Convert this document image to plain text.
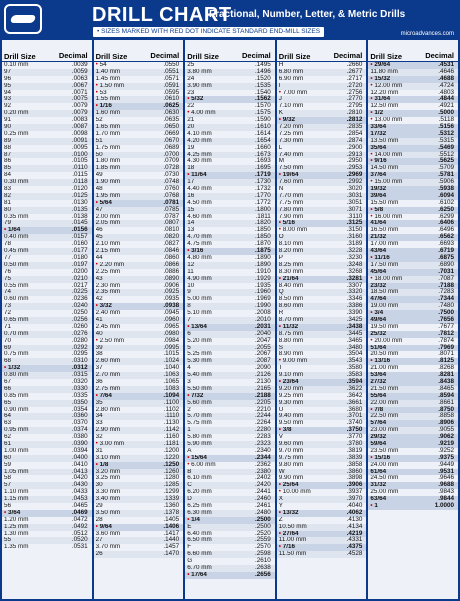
DRILL CHART
Fractional, Number, Letter, & Metric Drills
• SIZES MARKED WITH RED DOT INDICATE STANDARD END-MILL SIZES	microadvances.com
Drill Size	Decimal
0.10 mm	.0039
97	.0059
96	.0063
95	.0067
94	.0071
93	.0075
92	.0079
0.20 mm	.0079
91	.0083
90	.0087
0.25 mm	.0098
89	.0091
88	.0095
87	.0100
86	.0105
85	.0110
84	.0115
0.30 mm	.0118
83	.0120
82	.0125
81	.0130
80	.0135
0.35 mm	.0138
79	.0145
• 1/64	.0156
0.40 mm	.0157
78	.0160
0.45 mm	.0177
77	.0180
0.50 mm	.0197
76	.0200
75	.0210
0.55 mm	.0217
74	.0225
0.60 mm	.0236
73	.0240
72	.0250
0.65 mm	.0256
71	.0260
0.70 mm	.0276
70	.0280
69	.0292
0.75 mm	.0295
68	.0310
• 1/32	.0312
0.80 mm	.0315
67	.0320
66	.0330
0.85 mm	.0335
65	.0350
0.90 mm	.0354
64	.0360
63	.0370
0.95 mm	.0374
62	.0380
61	.0390
1.00 mm	.0394
60	.0400
59	.0410
1.05 mm	.0413
58	.0420
57	.0430
1.10 mm	.0433
1.15 mm	.0453
56	.0465
• 3/64	.0469
1.20 mm	.0472
1.25 mm	.0492
1.30 mm	.0512
55	.0520
1.35 mm	.0531
Drill Size	Decimal
• 54	.0550
1.40 mm	.0551
1.45 mm	.0571
• 1.50 mm	.0591
• 53	.0595
1.55 mm	.0610
• 1/16	.0625
1.60 mm	.0630
52	.0635
1.65 mm	.0650
1.70 mm	.0669
51	.0670
1.75 mm	.0689
50	.0700
1.80 mm	.0709
1.85 mm	.0728
49	.0730
1.90 mm	.0748
48	.0760
1.95 mm	.0768
• 5/64	.0781
47	.0785
2.00 mm	.0787
2.05 mm	.0807
46	.0810
45	.0820
2.10 mm	.0827
2.15 mm	.0846
44	.0860
• 2.20 mm	.0866
2.25 mm	.0886
43	.0890
2.30 mm	.0906
2.35 mm	.0925
42	.0935
• 3/32	.0938
2.40 mm	.0945
41	.0960
2.45 mm	.0965
40	.0980
• 2.50 mm	.0984
39	.0995
38	.1015
2.60 mm	.1024
37	.1040
2.70 mm	.1063
36	.1065
2.75 mm	.1083
• 7/64	.1094
35	.1100
2.80 mm	.1102
34	.1110
33	.1130
2.90 mm	.1142
32	.1160
• 3.00 mm	.1181
31	.1200
3.10 mm	.1220
• 1/8	.1250
3.20 mm	.1260
3.25 mm	.1280
30	.1285
3.30 mm	.1299
3.40 mm	.1339
29	.1360
3.50 mm	.1378
28	.1405
• 9/64	.1406
3.60 mm	.1417
27	.1440
3.70 mm	.1457
26	.1470
Drill Size	Decimal
25	.1495
3.80 mm	.1496
24	.1520
3.90 mm	.1535
23	.1540
• 5/32	.1562
22	.1570
• 4.00 mm	.1575
21	.1590
20	.1610
4.10 mm	.1614
4.20 mm	.1654
19	.1660
4.25 mm	.1673
4.30 mm	.1693
18	.1695
• 11/64	.1719
17	.1730
4.40 mm	.1732
16	.1770
4.50 mm	.1772
15	.1800
4.60 mm	.1811
14	.1820
13	.1850
4.70 mm	.1850
4.75 mm	.1870
• 3/16	.1875
4.80 mm	.1890
12	.1890
11	.1910
4.90 mm	.1929
10	.1935
9	.1960
5.00 mm	.1969
8	.1990
5.10 mm	.2008
7	.2010
• 13/64	.2031
6	.2040
5.20 mm	.2047
5	.2055
5.25 mm	.2067
5.30 mm	.2087
4	.2090
5.40 mm	.2126
3	.2130
5.50 mm	.2165
• 7/32	.2188
5.60 mm	.2205
2	.2210
5.70 mm	.2244
5.75 mm	.2264
1	.2280
5.80 mm	.2283
5.90 mm	.2323
A	.2340
• 15/64	.2344
• 6.00 mm	.2362
B	.2380
6.10 mm	.2402
C	.2420
6.20 mm	.2441
D	.2460
6.25 mm	.2461
6.30 mm	.2480
• 1/4	.2500
E	.2500
6.40 mm	.2520
6.50 mm	.2559
F	.2570
6.60 mm	.2598
G	.2610
6.70 mm	.2638
• 17/64	.2656
Drill Size	Decimal
H	.2660
6.80 mm	.2677
6.90 mm	.2717
I	.2720
• 7.00 mm	.2756
J	.2770
7.10 mm	.2795
K	.2810
• 9/32	.2812
7.20 mm	.2835
7.25 mm	.2854
7.30 mm	.2874
L	.2900
7.40 mm	.2913
M	.2950
7.50 mm	.2953
• 19/64	.2969
7.60 mm	.2992
N	.3020
7.70 mm	.3031
7.75 mm	.3051
7.80 mm	.3071
7.90 mm	.3110
• 5/16	.3125
• 8.00 mm	.3150
O	.3160
8.10 mm	.3189
8.20 mm	.3228
P	.3230
8.25 mm	.3248
8.30 mm	.3268
• 21/64	.3281
8.40 mm	.3307
Q	.3320
8.50 mm	.3346
8.60 mm	.3386
R	.3390
8.70 mm	.3425
• 11/32	.3438
8.75 mm	.3445
8.80 mm	.3465
S	.3480
8.90 mm	.3504
• 9.00 mm	.3543
T	.3580
9.10 mm	.3583
• 23/64	.3594
9.20 mm	.3622
9.25 mm	.3642
9.30 mm	.3661
U	.3680
9.40 mm	.3701
9.50 mm	.3740
• 3/8	.3750
V	.3770
9.60 mm	.3780
9.70 mm	.3819
9.75 mm	.3839
9.80 mm	.3858
W	.3860
9.90 mm	.3898
• 25/64	.3906
• 10.00 mm	.3937
X	.3970
Y	.4040
• 13/32	.4062
Z	.4130
10.50 mm	.4134
• 27/64	.4219
11.00 mm	.4331
• 7/16	.4375
11.50 mm	.4528
Drill Size	Decimal
• 29/64	.4531
11.80 mm	.4646
• 15/32	.4688
• 12.00 mm	.4724
12.20 mm	.4803
• 31/64	.4844
12.50 mm	.4921
• 1/2	.5000
• 13.00 mm	.5118
33/64	.5156
17/32	.5312
13.50 mm	.5315
35/64	.5469
• 14.00 mm	.5512
• 9/16	.5625
14.50 mm	.5709
37/64	.5781
• 15.00 mm	.5906
19/32	.5938
39/64	.6094
15.50 mm	.6102
• 5/8	.6250
• 16.00 mm	.6299
41/64	.6406
16.50 mm	.6496
21/32	.6562
17.00 mm	.6693
43/64	.6719
• 11/16	.6875
17.50 mm	.6890
45/64	.7031
• 18.00 mm	.7087
23/32	.7188
18.50 mm	.7283
47/64	.7344
19.00 mm	.7480
• 3/4	.7500
49/64	.7656
19.50 mm	.7677
25/32	.7812
• 20.00 mm	.7874
51/64	.7969
20.50 mm	.8071
• 13/16	.8125
21.00 mm	.8268
53/64	.8281
27/32	.8438
21.50 mm	.8465
55/64	.8594
22.00 mm	.8661
• 7/8	.8750
22.50 mm	.8858
57/64	.8906
23.00 mm	.9055
29/32	.9062
59/64	.9219
23.50 mm	.9252
• 15/16	.9375
24.00 mm	.9449
61/64	.9531
24.50 mm	.9646
31/32	.9688
25.00 mm	.9843
63/64	.9844
• 1	1.0000
